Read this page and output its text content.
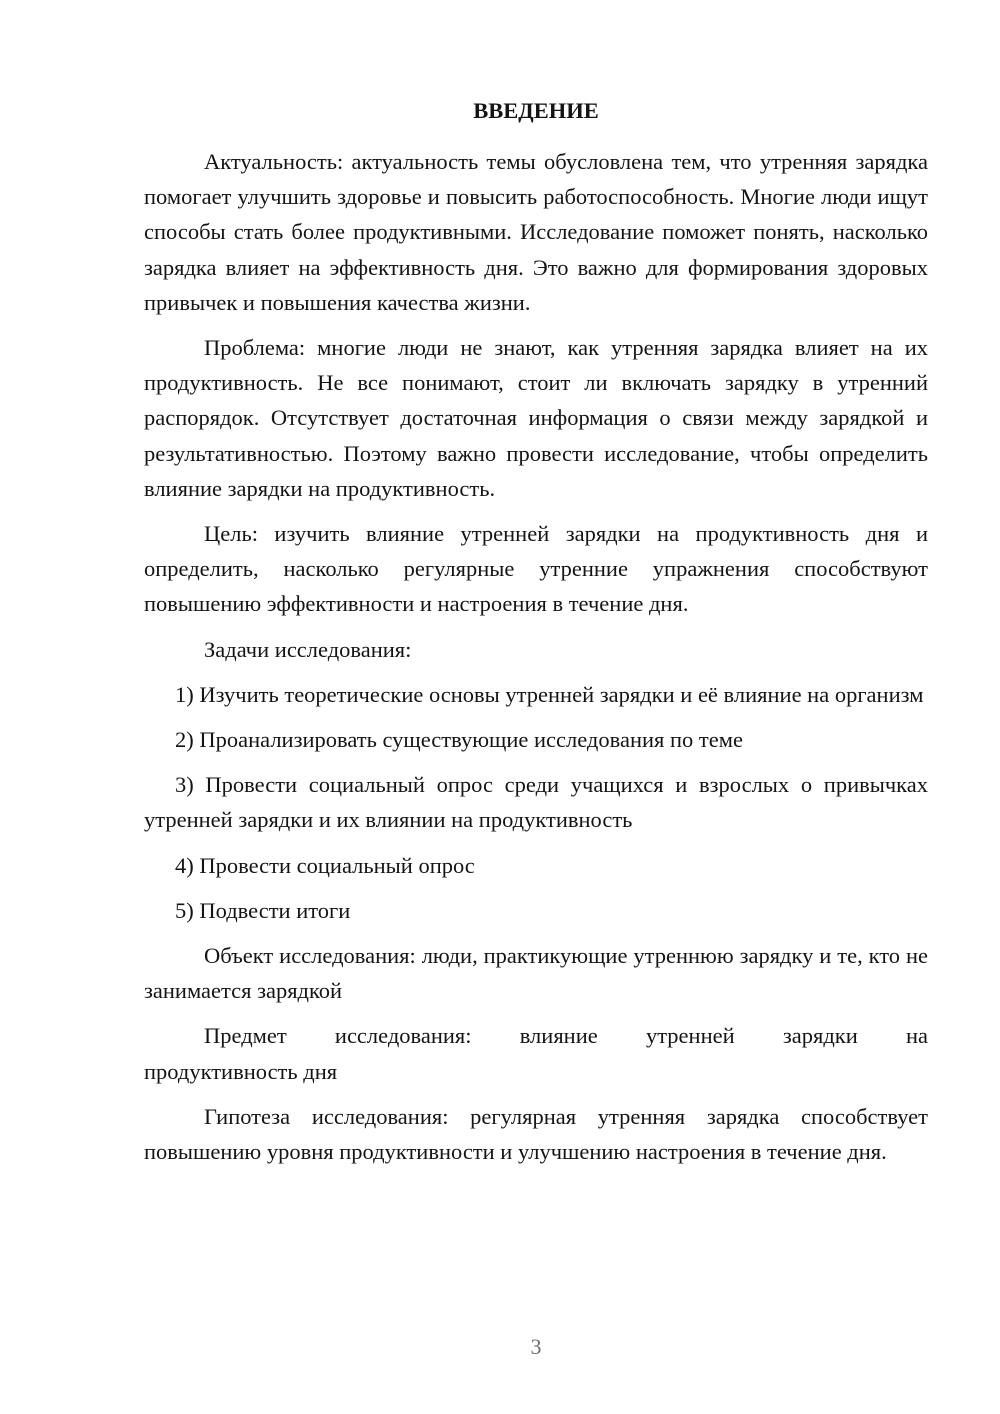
ВВЕДЕНИЕ

Актуальность: актуальность темы обусловлена тем, что утренняя зарядка помогает улучшить здоровье и повысить работоспособность. Многие люди ищут способы стать более продуктивными. Исследование поможет понять, насколько зарядка влияет на эффективность дня. Это важно для формирования здоровых привычек и повышения качества жизни.

Проблема: многие люди не знают, как утренняя зарядка влияет на их продуктивность. Не все понимают, стоит ли включать зарядку в утренний распорядок. Отсутствует достаточная информация о связи между зарядкой и результативностью. Поэтому важно провести исследование, чтобы определить влияние зарядки на продуктивность.

Цель: изучить влияние утренней зарядки на продуктивность дня и определить, насколько регулярные утренние упражнения способствуют повышению эффективности и настроения в течение дня.

Задачи исследования:

1) Изучить теоретические основы утренней зарядки и её влияние на организм

2) Проанализировать существующие исследования по теме

3) Провести социальный опрос среди учащихся и взрослых о привычках утренней зарядки и их влиянии на продуктивность

4) Провести социальный опрос

5) Подвести итоги

Объект исследования: люди, практикующие утреннюю зарядку и те, кто не занимается зарядкой

Предмет исследования: влияние утренней зарядки на

продуктивность дня

Гипотеза исследования: регулярная утренняя зарядка способствует повышению уровня продуктивности и улучшению настроения в течение дня.

3
